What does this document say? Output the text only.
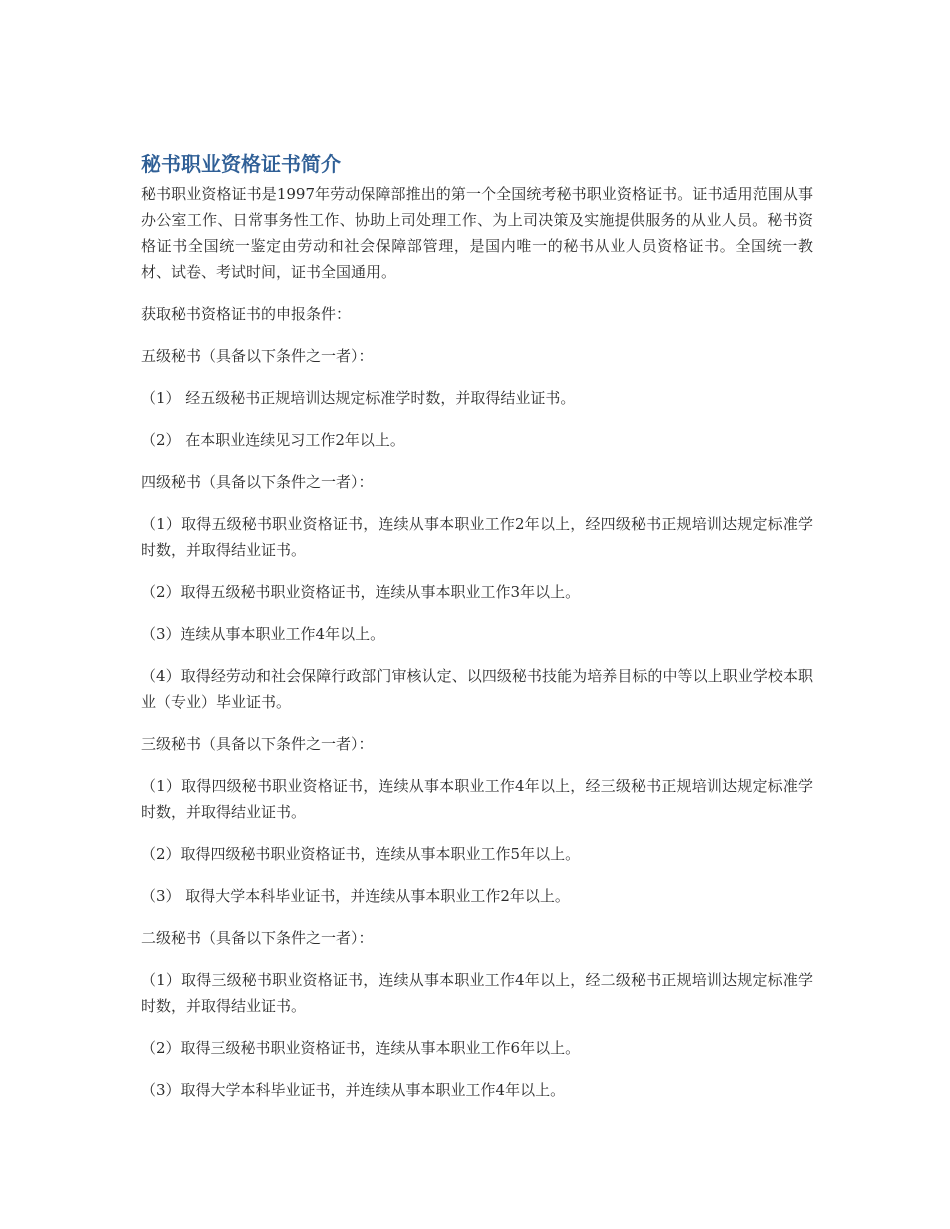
秘书职业资格证书简介

秘书职业资格证书是1997年劳动保障部推出的第一个全国统考秘书职业资格证书。证书适用范围从事办公室工作、日常事务性工作、协助上司处理工作、为上司决策及实施提供服务的从业人员。秘书资格证书全国统一鉴定由劳动和社会保障部管理，是国内唯一的秘书从业人员资格证书。全国统一教材、试卷、考试时间，证书全国通用。

获取秘书资格证书的申报条件：

五级秘书（具备以下条件之一者）：

（1） 经五级秘书正规培训达规定标准学时数，并取得结业证书。

（2） 在本职业连续见习工作2年以上。

四级秘书（具备以下条件之一者）：

（1）取得五级秘书职业资格证书，连续从事本职业工作2年以上，经四级秘书正规培训达规定标准学时数，并取得结业证书。

（2）取得五级秘书职业资格证书，连续从事本职业工作3年以上。

（3）连续从事本职业工作4年以上。

（4）取得经劳动和社会保障行政部门审核认定、以四级秘书技能为培养目标的中等以上职业学校本职业（专业）毕业证书。

三级秘书（具备以下条件之一者）：

（1）取得四级秘书职业资格证书，连续从事本职业工作4年以上，经三级秘书正规培训达规定标准学时数，并取得结业证书。

（2）取得四级秘书职业资格证书，连续从事本职业工作5年以上。

（3） 取得大学本科毕业证书，并连续从事本职业工作2年以上。

二级秘书（具备以下条件之一者）：

（1）取得三级秘书职业资格证书，连续从事本职业工作4年以上，经二级秘书正规培训达规定标准学时数，并取得结业证书。

（2）取得三级秘书职业资格证书，连续从事本职业工作6年以上。

（3）取得大学本科毕业证书，并连续从事本职业工作4年以上。
